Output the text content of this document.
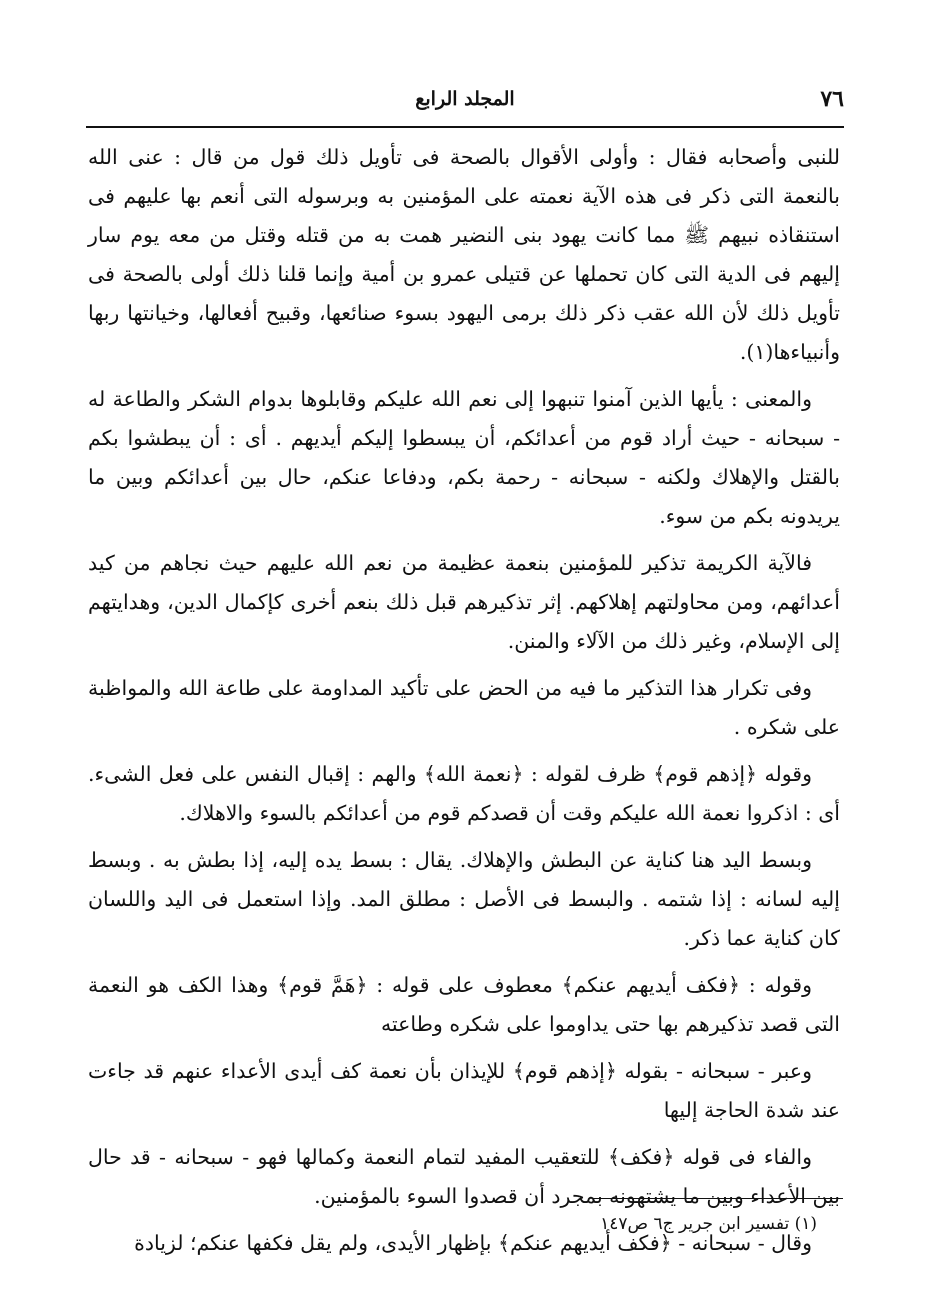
٧٦
المجلد الرابع

للنبى وأصحابه فقال : وأولى الأقوال بالصحة فى تأويل ذلك قول من قال : عنى الله بالنعمة التى ذكر فى هذه الآية نعمته على المؤمنين به وبرسوله التى أنعم بها عليهم فى استنقاذه نبيهم ﷺ مما كانت يهود بنى النضير همت به من قتله وقتل من معه يوم سار إليهم فى الدية التى كان تحملها عن قتيلى عمرو بن أمية وإنما قلنا ذلك أولى بالصحة فى تأويل ذلك لأن الله عقب ذكر ذلك برمى اليهود بسوء صنائعها، وقبيح أفعالها، وخيانتها ربها وأنبياءها(١).

والمعنى : يأيها الذين آمنوا تنبهوا إلى نعم الله عليكم وقابلوها بدوام الشكر والطاعة له - سبحانه - حيث أراد قوم من أعدائكم، أن يبسطوا إليكم أيديهم . أى : أن يبطشوا بكم بالقتل والإهلاك ولكنه - سبحانه - رحمة بكم، ودفاعا عنكم، حال بين أعدائكم وبين ما يريدونه بكم من سوء.

فالآية الكريمة تذكير للمؤمنين بنعمة عظيمة من نعم الله عليهم حيث نجاهم من كيد أعدائهم، ومن محاولتهم إهلاكهم. إثر تذكيرهم قبل ذلك بنعم أخرى كإكمال الدين، وهدايتهم إلى الإسلام، وغير ذلك من الآلاء والمنن.

وفى تكرار هذا التذكير ما فيه من الحض على تأكيد المداومة على طاعة الله والمواظبة على شكره .

وقوله ﴿إذهم قوم﴾ ظرف لقوله : ﴿نعمة الله﴾ والهم : إقبال النفس على فعل الشىء. أى : اذكروا نعمة الله عليكم وقت أن قصدكم قوم من أعدائكم بالسوء والاهلاك.

وبسط اليد هنا كناية عن البطش والإهلاك. يقال : بسط يده إليه، إذا بطش به . وبسط إليه لسانه : إذا شتمه . والبسط فى الأصل : مطلق المد. وإذا استعمل فى اليد واللسان كان كناية عما ذكر.

وقوله : ﴿فكف أيديهم عنكم﴾ معطوف على قوله : ﴿هَمَّ قوم﴾ وهذا الكف هو النعمة التى قصد تذكيرهم بها حتى يداوموا على شكره وطاعته

وعبر - سبحانه - بقوله ﴿إذهم قوم﴾ للإيذان بأن نعمة كف أيدى الأعداء عنهم قد جاءت عند شدة الحاجة إليها

والفاء فى قوله ﴿فكف﴾ للتعقيب المفيد لتمام النعمة وكمالها فهو - سبحانه - قد حال بين الأعداء وبين ما يشتهونه بمجرد أن قصدوا السوء بالمؤمنين.

وقال - سبحانه - ﴿فكف أيديهم عنكم﴾ بإظهار الأيدى، ولم يقل فكفها عنكم؛ لزيادة

(١) تفسير ابن جرير ج٦ ص١٤٧
